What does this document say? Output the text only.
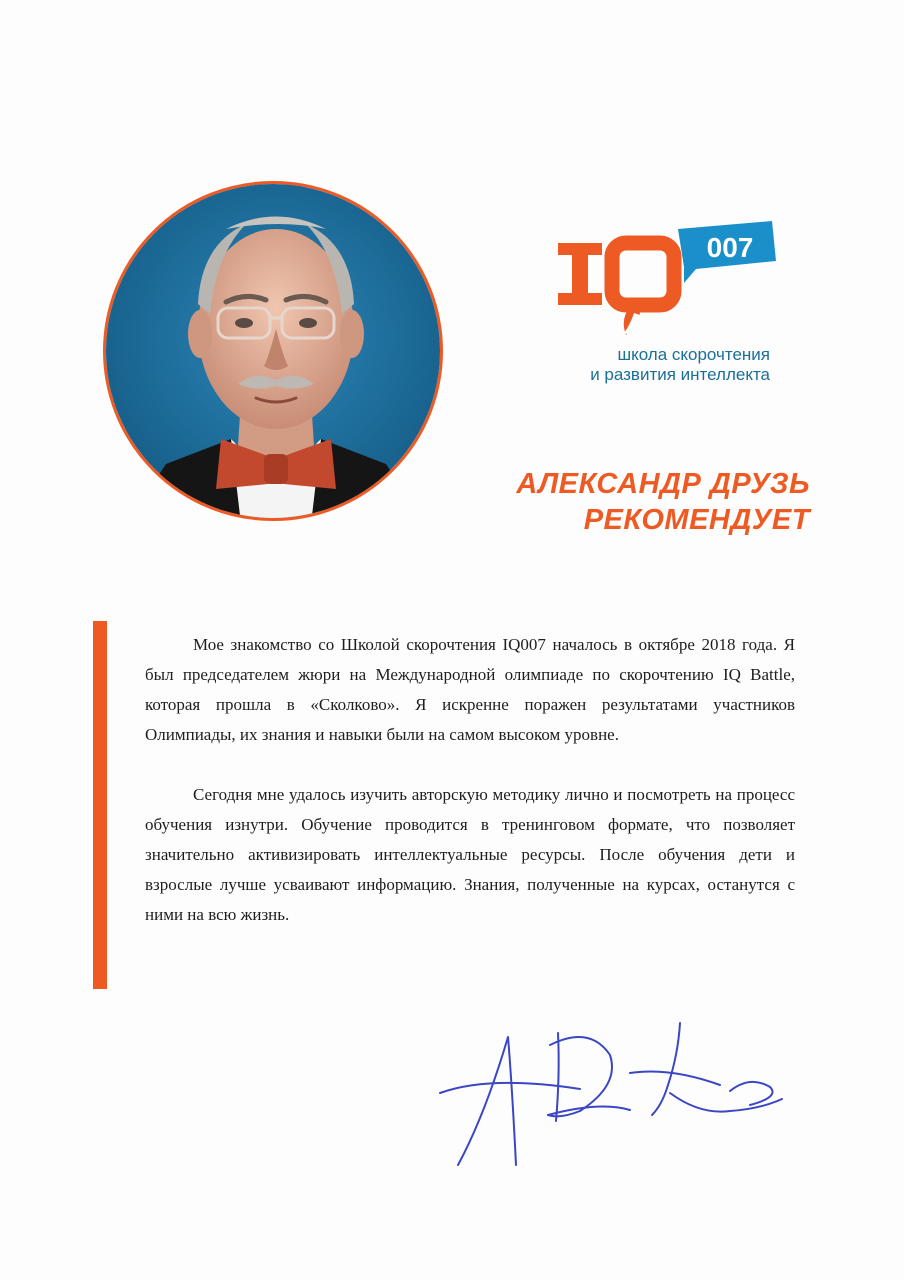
007
школа скорочтения
и развития интеллекта
АЛЕКСАНДР ДРУЗЬ
РЕКОМЕНДУЕТ

Мое знакомство со Школой скорочтения IQ007 началось в октябре 2018 года. Я был председателем жюри на Международной олимпиаде по скорочтению IQ Battle, которая прошла в «Сколково». Я искренне поражен результатами участников Олимпиады, их знания и навыки были на самом высоком уровне.

Сегодня мне удалось изучить авторскую методику лично и посмотреть на процесс обучения изнутри. Обучение проводится в тренинговом формате, что позволяет значительно активизировать интеллектуальные ресурсы. После обучения дети и взрослые лучше усваивают информацию. Знания, полученные на курсах, останутся с ними на всю жизнь.
